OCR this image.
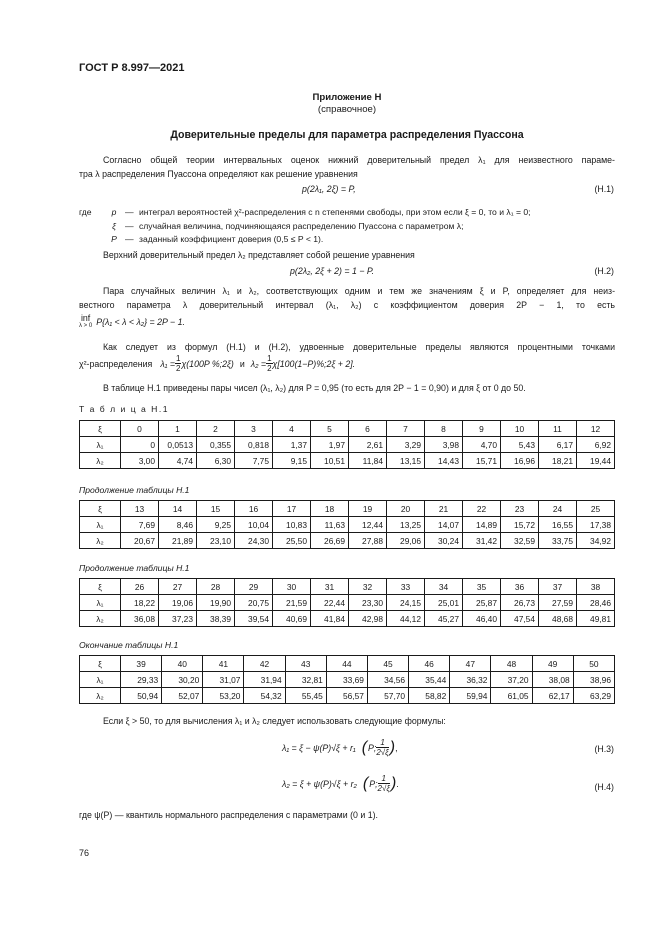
ГОСТ Р 8.997—2021
Приложение Н
(справочное)
Доверительные пределы для параметра распределения Пуассона

Согласно общей теории интервальных оценок нижний доверительный предел λ₁ для неизвестного параме-

тра λ распределения Пуассона определяют как решение уравнения

p(2λ₁, 2ξ) = P,	(Н.1)
где	p	— интеграл вероятностей χ²-распределения с n степенями свободы, при этом если ξ = 0, то и λ₁ = 0;
ξ	— случайная величина, подчиняющаяся распределению Пуассона с параметром λ;
P — заданный коэффициент доверия (0,5 ≤ P < 1).

Верхний доверительный предел λ₂ представляет собой решение уравнения

p(2λ₂, 2ξ + 2) = 1 − P.	(Н.2)

Пара случайных величин λ₁ и λ₂, соответствующих одним и тем же значениям ξ и P, определяет для неиз-

вестного параметра λ доверительный интервал (λ₁, λ₂) с коэффициентом доверия 2P − 1, то есть

inf
λ > 0 P{λ₁ < λ < λ₂} = 2P − 1.

Как следует из формул (Н.1) и (Н.2), удвоенные доверительные пределы являются процентными точками

χ²-распределения $\lambda_1 = \frac{1}{2} \chi(100P$ %;2ξ) и $\lambda_2 = \frac{1}{2}$ χ[100(1−P)%;2ξ + 2].

В таблице Н.1 приведены пары чисел (λ₁, λ₂) для P = 0,95 (то есть для 2P − 1 = 0,90) и для ξ от 0 до 50.

Т а б л и ц а Н.1
ξ	0	1	2	3	4	5	6	7	8	9	10	11	12
λ₁	0	0,0513	0,355	0,818	1,37	1,97	2,61	3,29	3,98	4,70	5,43	6,17	6,92
λ₂	3,00	4,74	6,30	7,75	9,15	10,51	11,84	13,15	14,43	15,71	16,96	18,21	19,44
Продолжение таблицы Н.1
ξ	13	14	15	16	17	18	19	20	21	22	23	24	25
λ₁	7,69	8,46	9,25	10,04	10,83	11,63	12,44	13,25	14,07	14,89	15,72	16,55	17,38
λ₂	20,67	21,89	23,10	24,30	25,50	26,69	27,88	29,06	30,24	31,42	32,59	33,75	34,92
Продолжение таблицы Н.1
ξ	26	27	28	29	30	31	32	33	34	35	36	37	38
λ₁	18,22	19,06	19,90	20,75	21,59	22,44	23,30	24,15	25,01	25,87	26,73	27,59	28,46
λ₂	36,08	37,23	38,39	39,54	40,69	41,84	42,98	44,12	45,27	46,40	47,54	48,68	49,81
Окончание таблицы Н.1
ξ	39	40	41	42	43	44	45	46	47	48	49	50
λ₁	29,33	30,20	31,07	31,94	32,81	33,69	34,56	35,44	36,32	37,20	38,08	38,96
λ₂	50,94	52,07	53,20	54,32	55,45	56,57	57,70	58,82	59,94	61,05	62,17	63,29

Если ξ > 50, то для вычисления λ₁ и λ₂ следует использовать следующие формулы:

λ₁ = ξ − ψ(P)√ξ + r₁ ( P; $\frac{1}{2√\xi}$ ) ,	(Н.3)
λ₂ = ξ + ψ(P)√ξ + r₂ ( P; $\frac{1}{2√\xi}$ ) .	(Н.4)

где ψ(P) — квантиль нормального распределения с параметрами (0 и 1).

76
